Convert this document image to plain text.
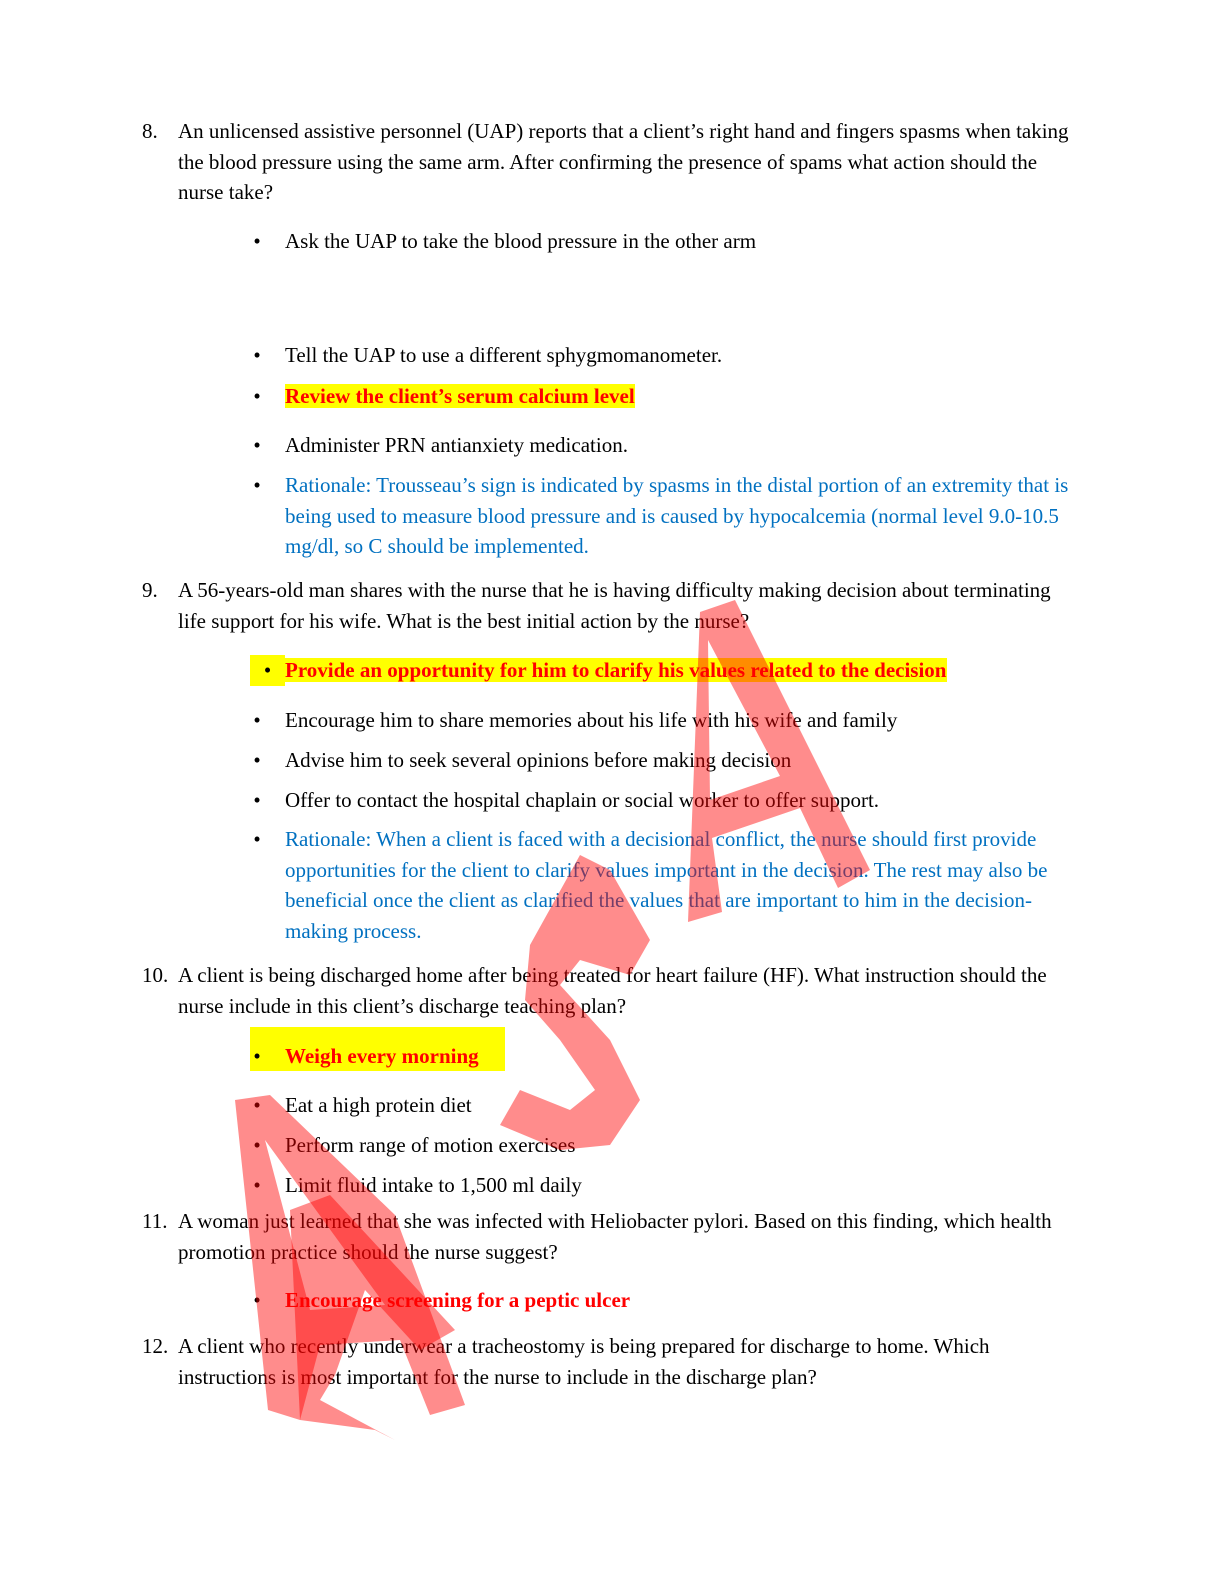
8. An unlicensed assistive personnel (UAP) reports that a client’s right hand and fingers spasms when taking the blood pressure using the same arm. After confirming the presence of spams what action should the nurse take?
• Ask the UAP to take the blood pressure in the other arm
• Tell the UAP to use a different sphygmomanometer.
• Review the client’s serum calcium level
• Administer PRN antianxiety medication.
• Rationale: Trousseau’s sign is indicated by spasms in the distal portion of an extremity that is being used to measure blood pressure and is caused by hypocalcemia (normal level 9.0-10.5 mg/dl, so C should be implemented.
9. A 56-years-old man shares with the nurse that he is having difficulty making decision about terminating life support for his wife. What is the best initial action by the nurse?
• Provide an opportunity for him to clarify his values related to the decision
• Encourage him to share memories about his life with his wife and family
• Advise him to seek several opinions before making decision
• Offer to contact the hospital chaplain or social worker to offer support.
• Rationale: When a client is faced with a decisional conflict, the nurse should first provide opportunities for the client to clarify values important in the decision. The rest may also be beneficial once the client as clarified the values that are important to him in the decision-making process.
10. A client is being discharged home after being treated for heart failure (HF). What instruction should the nurse include in this client’s discharge teaching plan?
• Weigh every morning
• Eat a high protein diet
• Perform range of motion exercises
• Limit fluid intake to 1,500 ml daily
11. A woman just learned that she was infected with Heliobacter pylori. Based on this finding, which health promotion practice should the nurse suggest?
• Encourage screening for a peptic ulcer
12. A client who recently underwear a tracheostomy is being prepared for discharge to home. Which instructions is most important for the nurse to include in the discharge plan?
